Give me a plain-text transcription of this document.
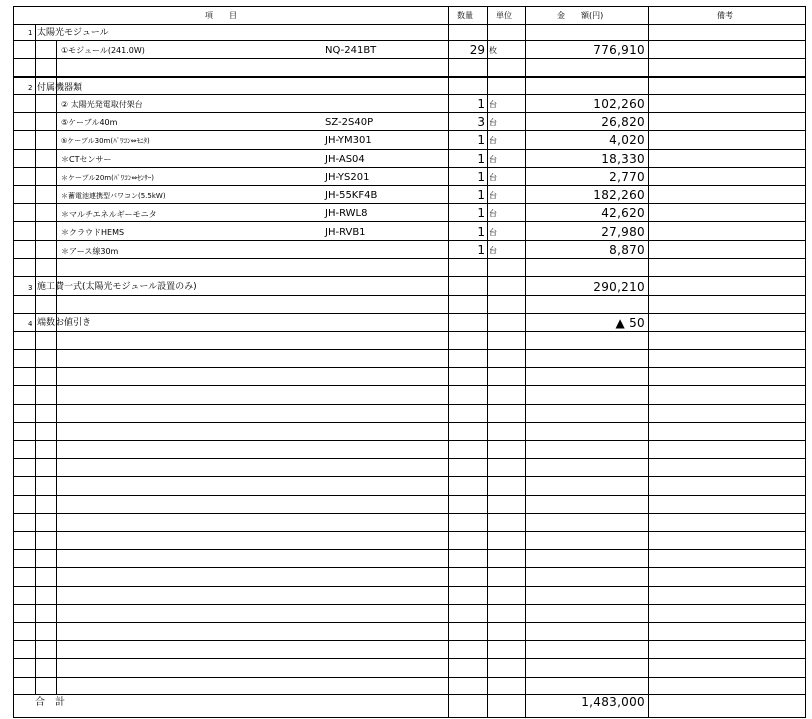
項　　目	数量	単位	金　　額(円)	備考
1 太陽光モジュール
①モジュール(241.0W)	NQ-241BT	29 枚	776,910
2 付属機器類
② 太陽光発電取付架台	1 台	102,260
⑤ケーブル40m	SZ-2S40P	3 台	26,820
⑤ケーブル30m(ﾊﾟﾜｺﾝ⇔ﾓﾆﾀ)	JH-YM301	1 台	4,020
＊CTセンサー	JH-AS04	1 台	18,330
＊ケーブル20m(ﾊﾟﾜｺﾝ⇔ｾﾝｻｰ)	JH-YS201	1 台	2,770
＊蓄電池連携型パワコン(5.5kW)	JH-55KF4B	1 台	182,260
＊マルチエネルギーモニタ	JH-RWL8	1 台	42,620
＊クラウドHEMS	JH-RVB1	1 台	27,980
＊アース線30m	1 台	8,870
3 施工費一式(太陽光モジュール設置のみ)	290,210
4 端数お値引き	▲ 50
合　計	1,483,000
